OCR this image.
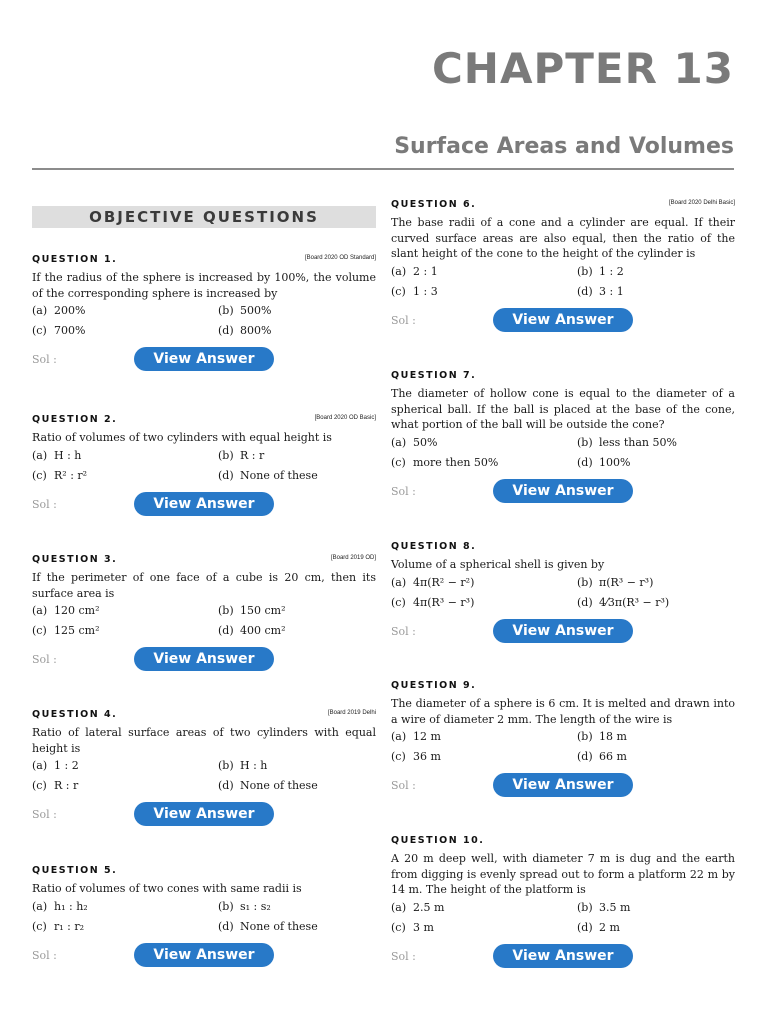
CHAPTER 13
Surface Areas and Volumes
OBJECTIVE QUESTIONS
QUESTION 1.	[Board 2020 OD Standard]
If the radius of the sphere is increased by 100%, the volume of the corresponding sphere is increased by
(a) 200%	(b) 500%
(c) 700%	(d) 800%
Sol :	View Answer
QUESTION 2.	[Board 2020 OD Basic]
Ratio of volumes of two cylinders with equal height is
(a) H : h	(b) R : r
(c) R² : r²	(d) None of these
Sol :	View Answer
QUESTION 3.	[Board 2019 OD]
If the perimeter of one face of a cube is 20 cm, then its surface area is
(a) 120 cm²	(b) 150 cm²
(c) 125 cm²	(d) 400 cm²
Sol :	View Answer
QUESTION 4.	[Board 2019 Delhi
Ratio of lateral surface areas of two cylinders with equal height is
(a) 1 : 2	(b) H : h
(c) R : r	(d) None of these
Sol :	View Answer
QUESTION 5.
Ratio of volumes of two cones with same radii is
(a) h₁ : h₂	(b) s₁ : s₂
(c) r₁ : r₂	(d) None of these
Sol :	View Answer
QUESTION 6.	[Board 2020 Delhi Basic]
The base radii of a cone and a cylinder are equal. If their curved surface areas are also equal, then the ratio of the slant height of the cone to the height of the cylinder is
(a) 2 : 1	(b) 1 : 2
(c) 1 : 3	(d) 3 : 1
Sol :	View Answer
QUESTION 7.
The diameter of hollow cone is equal to the diameter of a spherical ball. If the ball is placed at the base of the cone, what portion of the ball will be outside the cone?
(a) 50%	(b) less than 50%
(c) more then 50%	(d) 100%
Sol :	View Answer
QUESTION 8.
Volume of a spherical shell is given by
(a) 4π(R² − r²)	(b) π(R³ − r³)
(c) 4π(R³ − r³)	(d) 4⁄3π(R³ − r³)
Sol :	View Answer
QUESTION 9.
The diameter of a sphere is 6 cm. It is melted and drawn into a wire of diameter 2 mm. The length of the wire is
(a) 12 m	(b) 18 m
(c) 36 m	(d) 66 m
Sol :	View Answer
QUESTION 10.
A 20 m deep well, with diameter 7 m is dug and the earth from digging is evenly spread out to form a platform 22 m by 14 m. The height of the platform is
(a) 2.5 m	(b) 3.5 m
(c) 3 m	(d) 2 m
Sol :	View Answer
